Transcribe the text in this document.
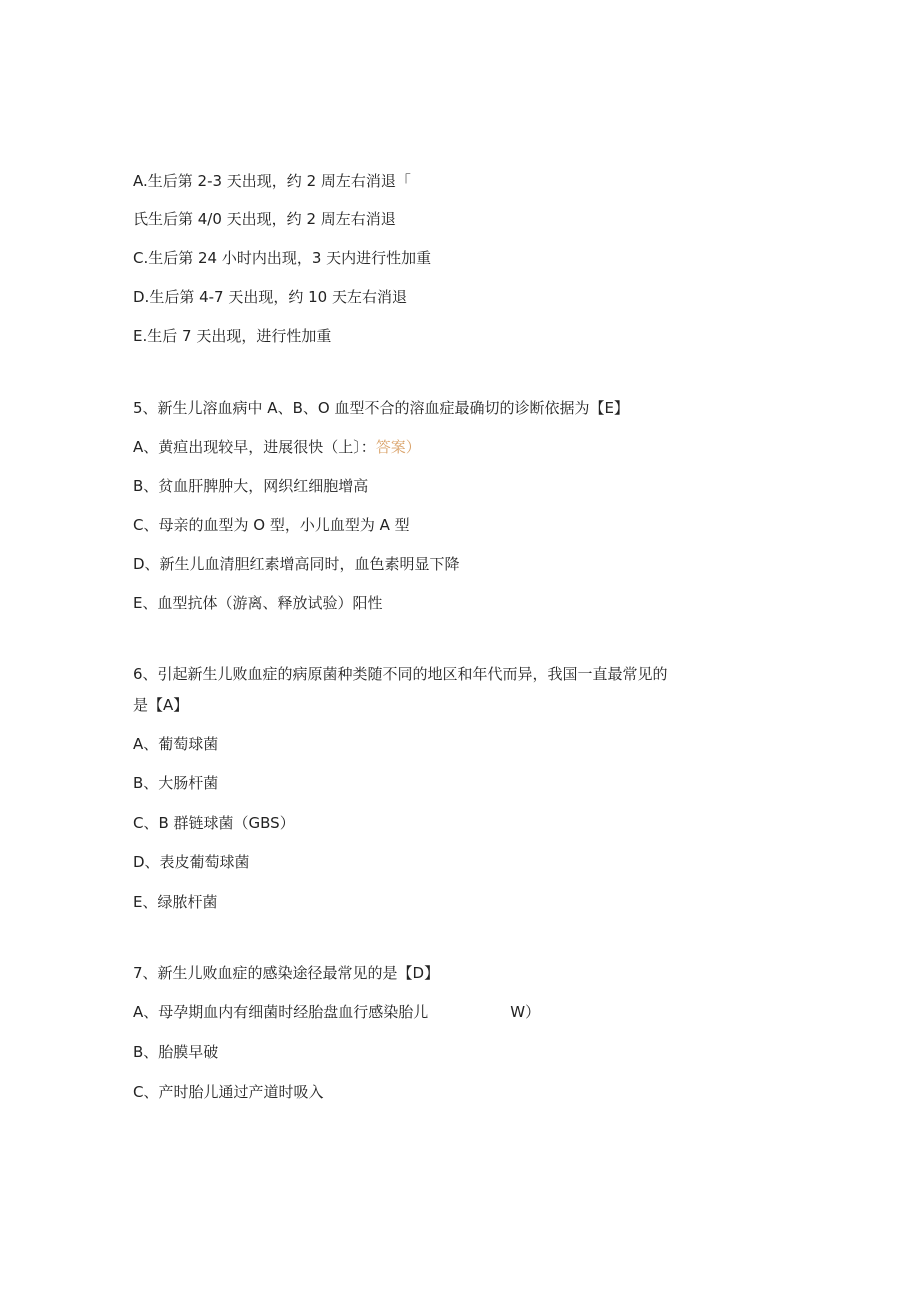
A.生后第 2-3 天出现，约 2 周左右消退「
氏生后第 4/0 天出现，约 2 周左右消退
C.生后第 24 小时内出现，3 天内进行性加重
D.生后第 4-7 天出现，约 10 天左右消退
E.生后 7 天出现，进行性加重
5、新生儿溶血病中 A、B、O 血型不合的溶血症最确切的诊断依据为【E】
A、黄疸出现较早，进展很快（上〕：答案）
B、贫血肝脾肿大，网织红细胞增高
C、母亲的血型为 O 型，小儿血型为 A 型
D、新生儿血清胆红素增高同时，血色素明显下降
E、血型抗体（游离、释放试验）阳性
6、引起新生儿败血症的病原菌种类随不同的地区和年代而异，我国一直最常见的
是【A】
A、葡萄球菌
B、大肠杆菌
C、B 群链球菌（GBS）
D、表皮葡萄球菌
E、绿脓杆菌
7、新生儿败血症的感染途径最常见的是【D】
A、母孕期血内有细菌时经胎盘血行感染胎儿	W）
B、胎膜早破
C、产时胎儿通过产道时吸入
